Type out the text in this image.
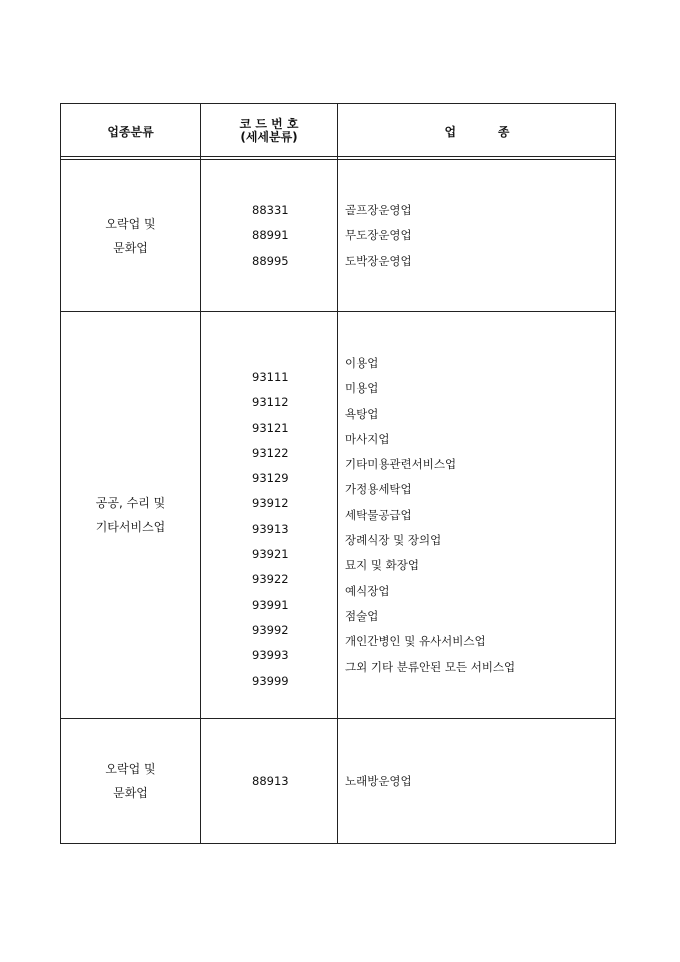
업종분류
코 드 번 호
(세세분류)	업          종
오락업 및
문화업
88331
88991
88995
골프장운영업
무도장운영업
도박장운영업
공공, 수리 및
기타서비스업
93111
93112
93121
93122
93129
93912
93913
93921
93922
93991
93992
93993
93999
이용업
미용업
욕탕업
마사지업
기타미용관련서비스업
가정용세탁업
세탁물공급업
장례식장 및 장의업
묘지 및 화장업
예식장업
점술업
개인간병인 및 유사서비스업
그외 기타 분류안된 모든 서비스업
오락업 및
문화업
88913	노래방운영업
